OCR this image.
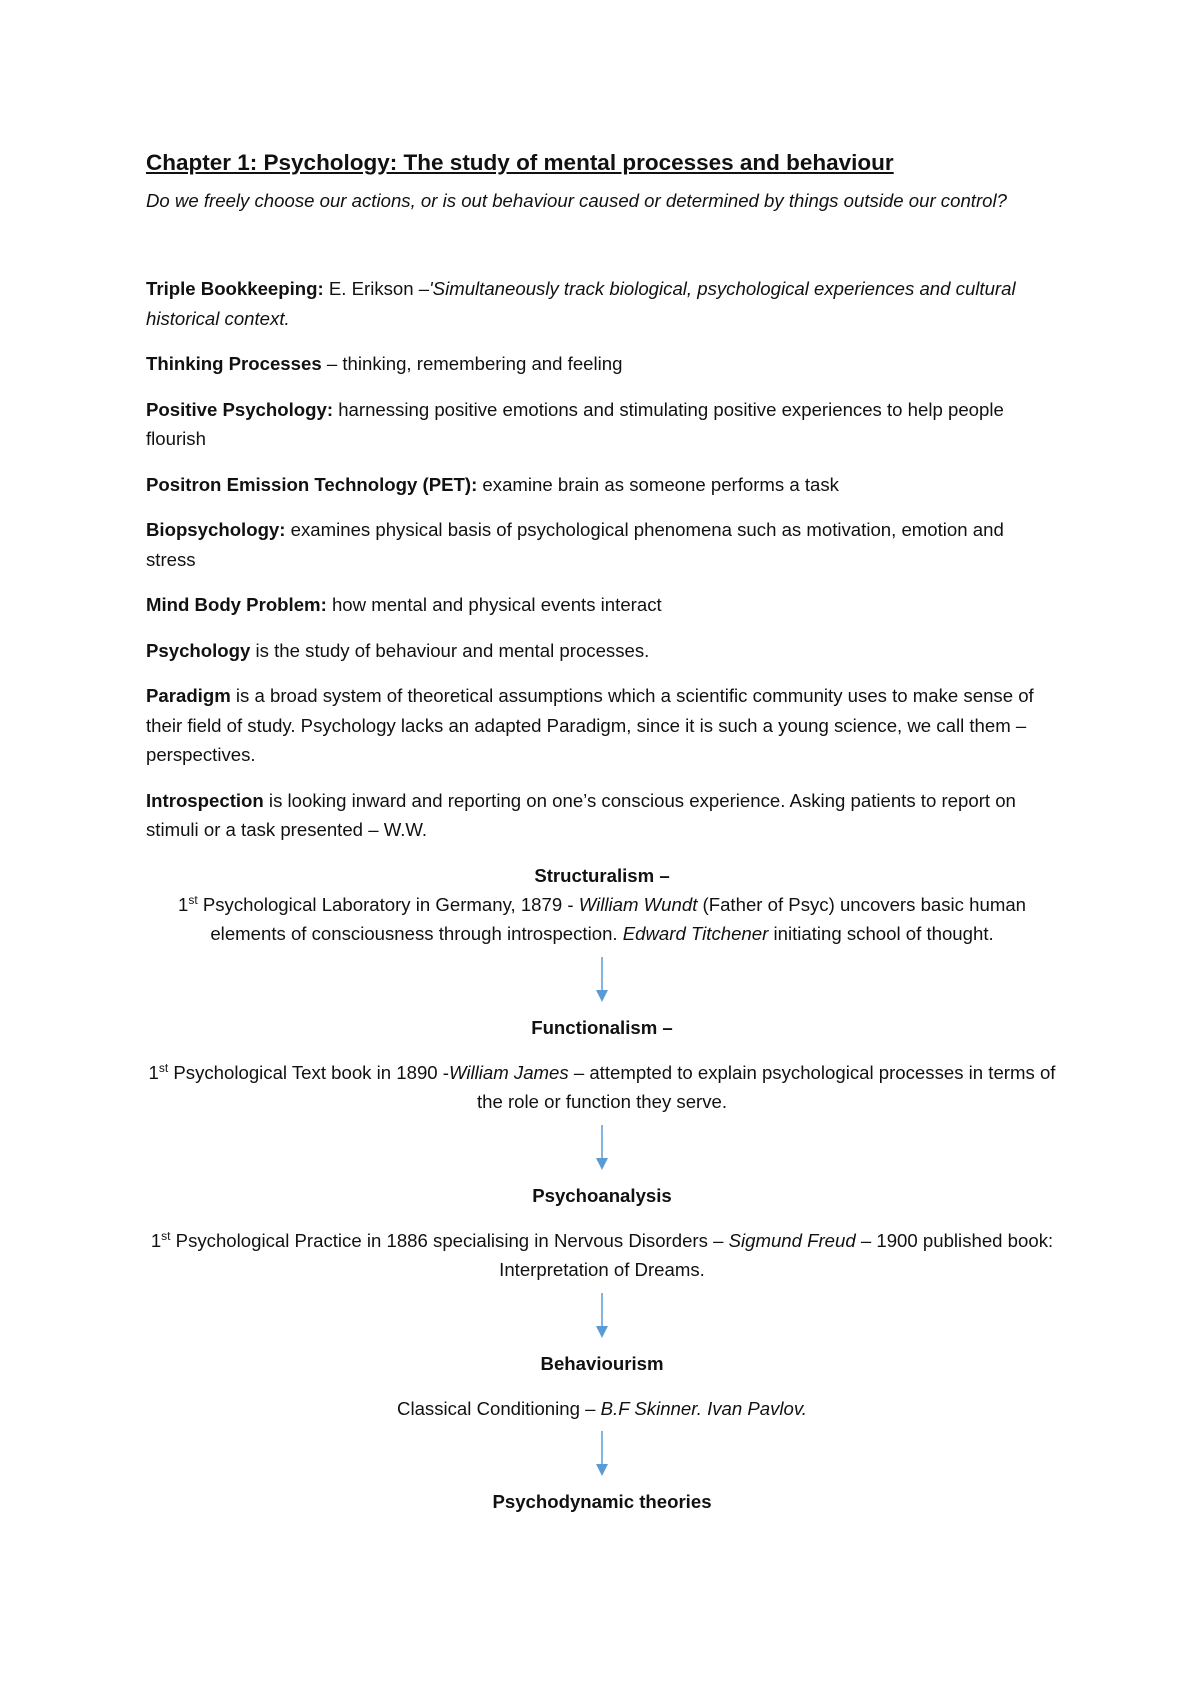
Chapter 1: Psychology: The study of mental processes and behaviour

Do we freely choose our actions, or is out behaviour caused or determined by things outside our control?

Triple Bookkeeping: E. Erikson –'Simultaneously track biological, psychological experiences and cultural historical context.

Thinking Processes – thinking, remembering and feeling

Positive Psychology: harnessing positive emotions and stimulating positive experiences to help people flourish

Positron Emission Technology (PET): examine brain as someone performs a task

Biopsychology: examines physical basis of psychological phenomena such as motivation, emotion and stress

Mind Body Problem: how mental and physical events interact

Psychology is the study of behaviour and mental processes.

Paradigm is a broad system of theoretical assumptions which a scientific community uses to make sense of their field of study. Psychology lacks an adapted Paradigm, since it is such a young science, we call them – perspectives.

Introspection is looking inward and reporting on one’s conscious experience. Asking patients to report on stimuli or a task presented – W.W.

Structuralism –

1st Psychological Laboratory in Germany, 1879 - William Wundt (Father of Psyc) uncovers basic human elements of consciousness through introspection. Edward Titchener initiating school of thought.

Functionalism –

1st Psychological Text book in 1890 -William James – attempted to explain psychological processes in terms of the role or function they serve.

Psychoanalysis

1st Psychological Practice in 1886 specialising in Nervous Disorders – Sigmund Freud – 1900 published book: Interpretation of Dreams.

Behaviourism

Classical Conditioning – B.F Skinner. Ivan Pavlov.

Psychodynamic theories
